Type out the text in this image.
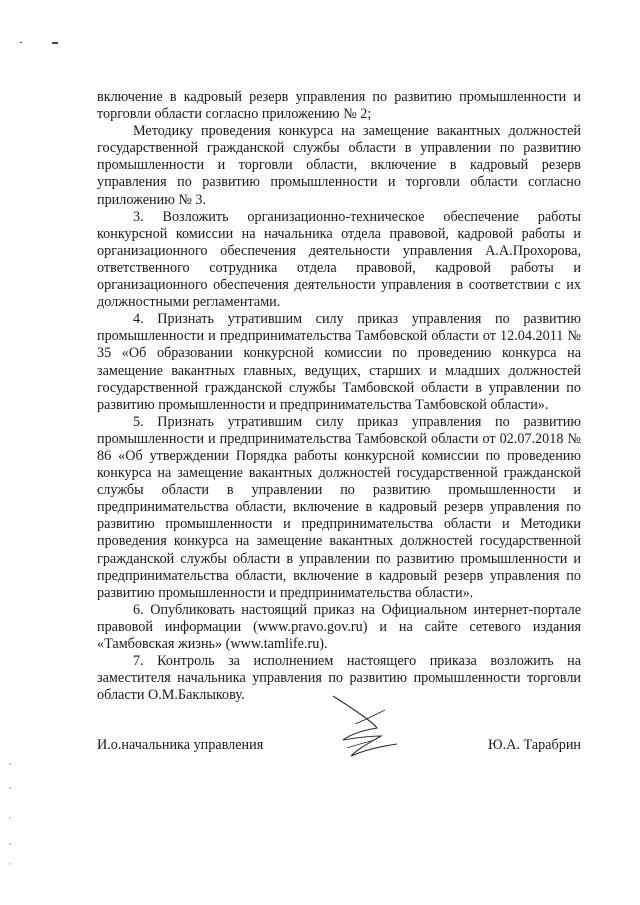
включение в кадровый резерв управления по развитию промышленности и торговли области согласно приложению № 2;

Методику проведения конкурса на замещение вакантных должностей государственной гражданской службы области в управлении по развитию промышленности и торговли области, включение в кадровый резерв управления по развитию промышленности и торговли области согласно приложению № 3.

3. Возложить организационно-техническое обеспечение работы конкурсной комиссии на начальника отдела правовой, кадровой работы и организационного обеспечения деятельности управления А.А.Прохорова, ответственного сотрудника отдела правовой, кадровой работы и организационного обеспечения деятельности управления в соответствии с их должностными регламентами.

4. Признать утратившим силу приказ управления по развитию промышленности и предпринимательства Тамбовской области от 12.04.2011 № 35 «Об образовании конкурсной комиссии по проведению конкурса на замещение вакантных главных, ведущих, старших и младших должностей государственной гражданской службы Тамбовской области в управлении по развитию промышленности и предпринимательства Тамбовской области».

5. Признать утратившим силу приказ управления по развитию промышленности и предпринимательства Тамбовской области от 02.07.2018 № 86 «Об утверждении Порядка работы конкурсной комиссии по проведению конкурса на замещение вакантных должностей государственной гражданской службы области в управлении по развитию промышленности и предпринимательства области, включение в кадровый резерв управления по развитию промышленности и предпринимательства области и Методики проведения конкурса на замещение вакантных должностей государственной гражданской службы области в управлении по развитию промышленности и предпринимательства области, включение в кадровый резерв управления по развитию промышленности и предпринимательства области».

6. Опубликовать настоящий приказ на Официальном интернет-портале правовой информации (www.pravo.gov.ru) и на сайте сетевого издания «Тамбовская жизнь» (www.tamlife.ru).

7. Контроль за исполнением настоящего приказа возложить на заместителя начальника управления по развитию промышленности торговли области О.М.Баклыкову.

И.о.начальника управления	Ю.А. Тарабрин
